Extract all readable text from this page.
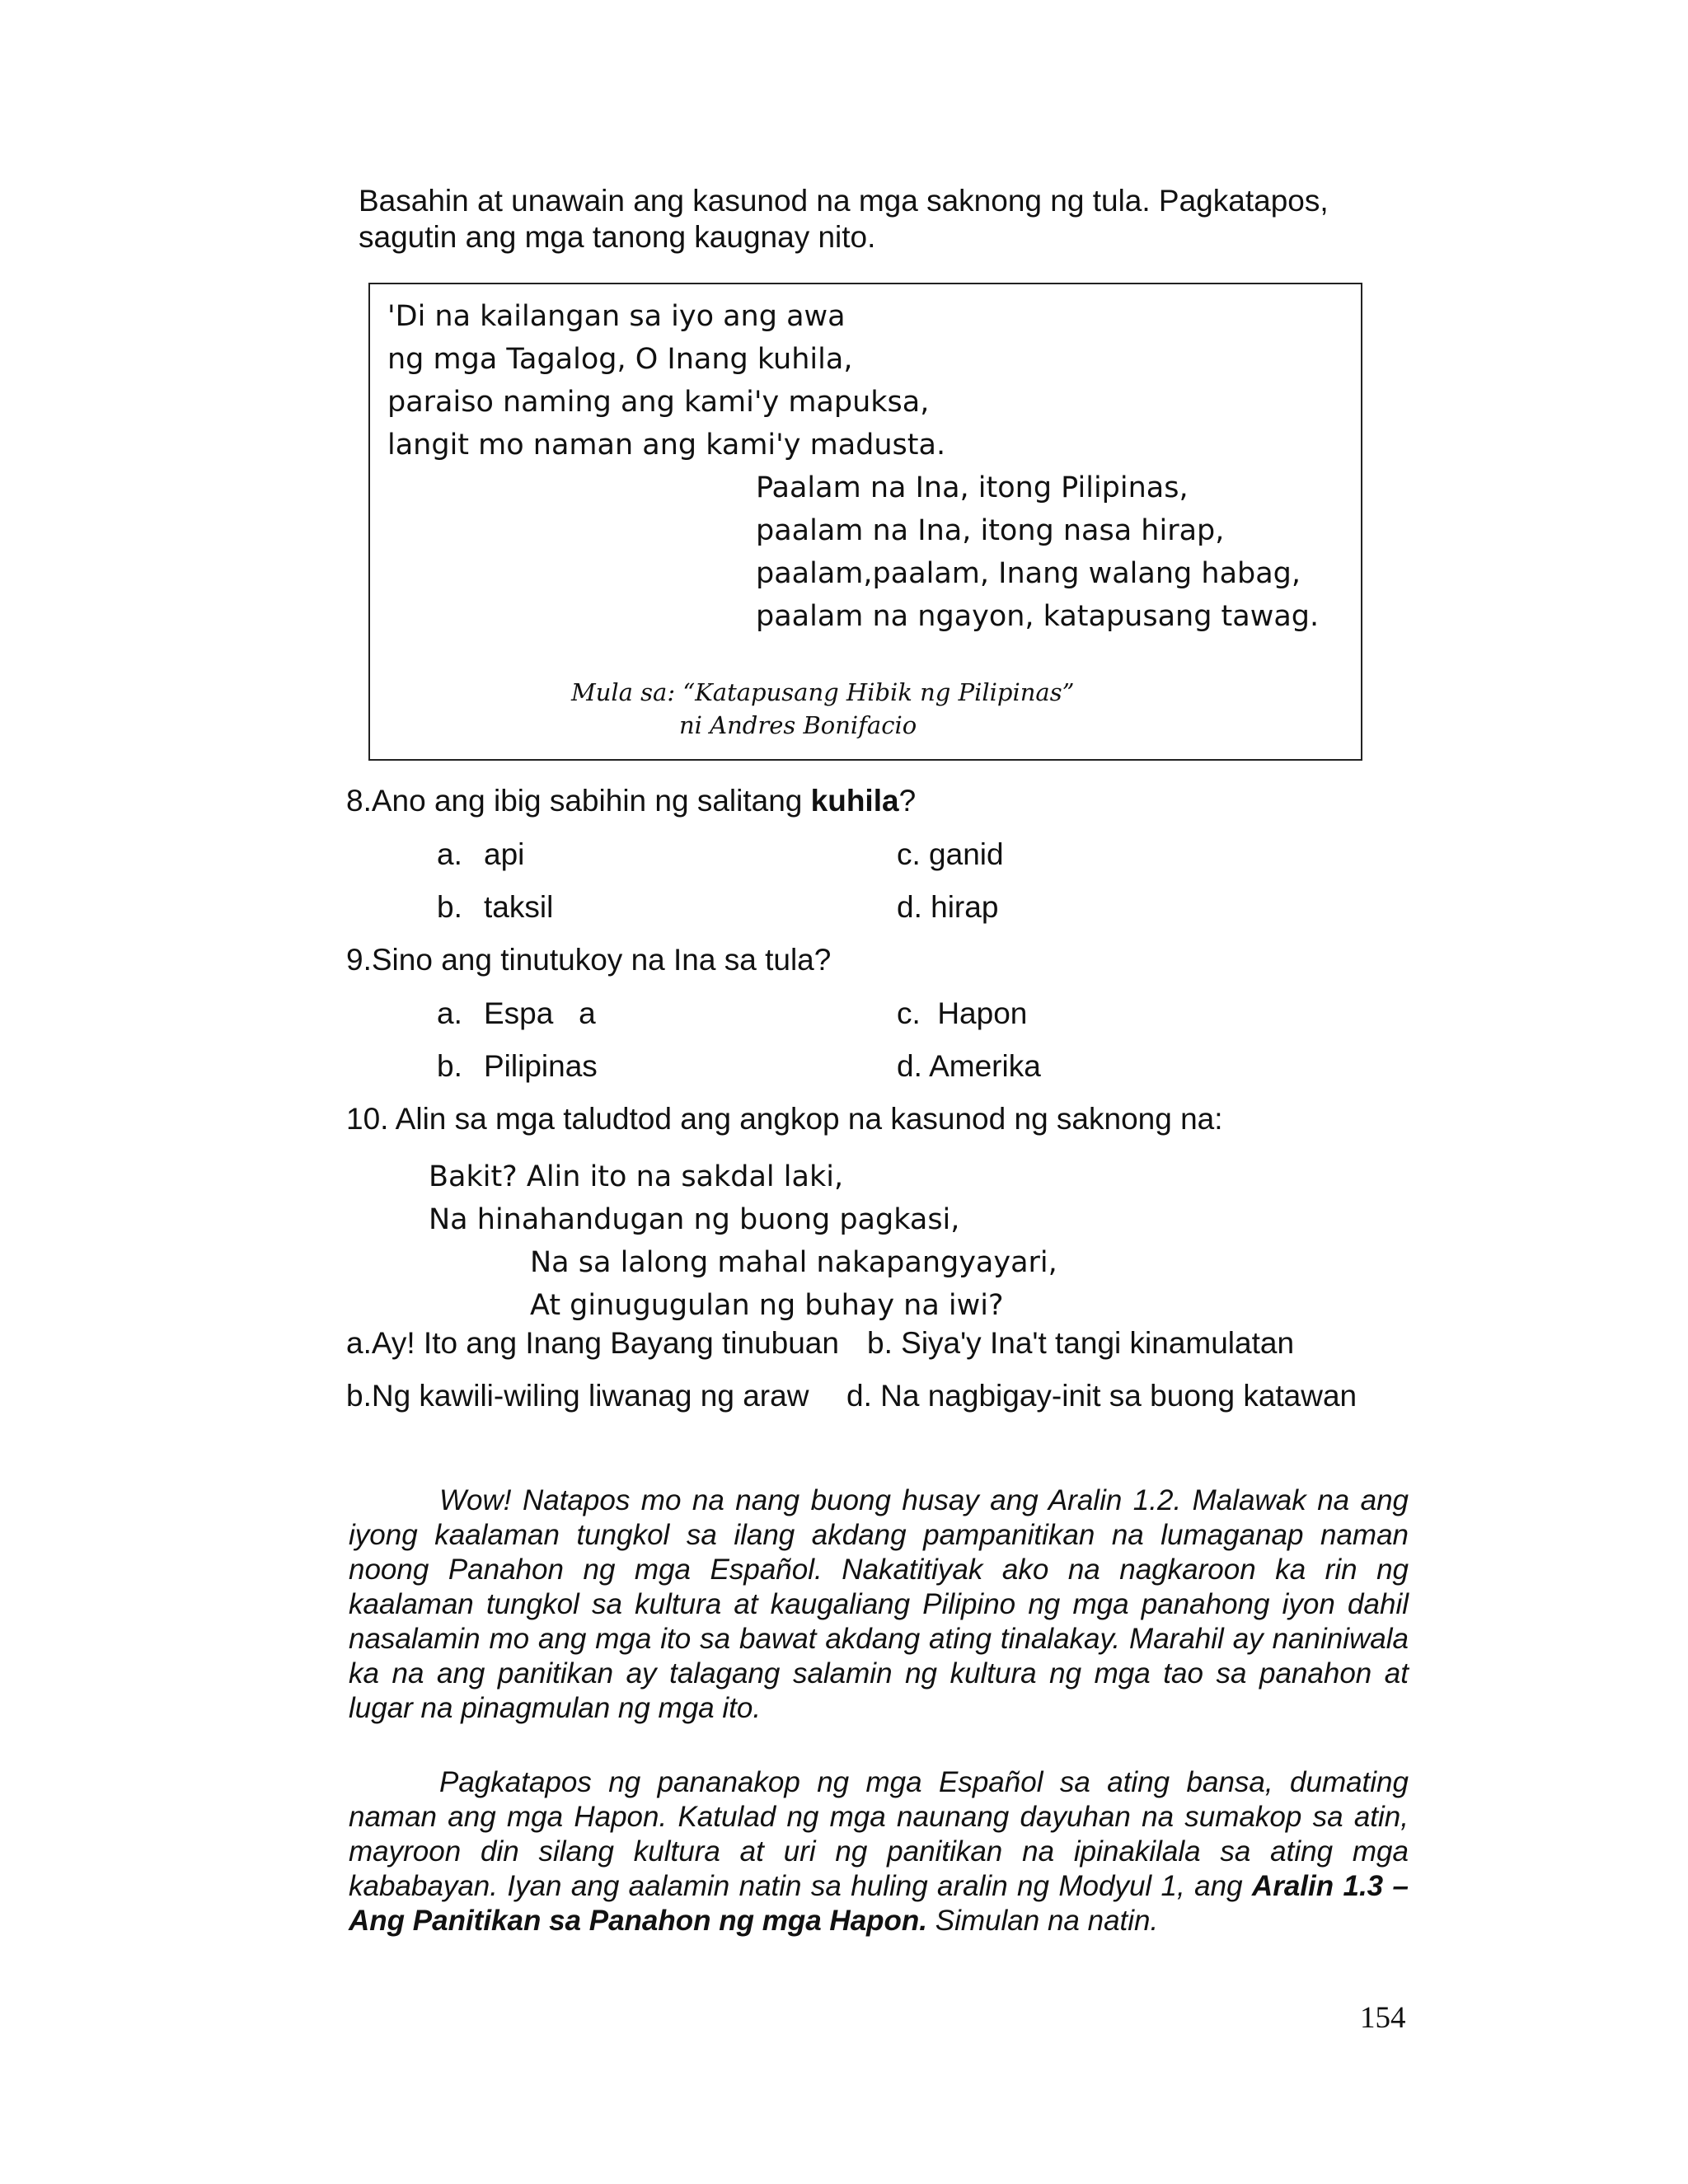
Basahin at unawain ang kasunod na mga saknong ng tula. Pagkatapos,
sagutin ang mga tanong kaugnay nito.
'Di na kailangan sa iyo ang awa
ng mga Tagalog, O Inang kuhila,
paraiso naming ang kami'y mapuksa,
langit mo naman ang kami'y madusta.
Paalam na Ina, itong Pilipinas,
paalam na Ina, itong nasa hirap,
paalam,paalam, Inang walang habag,
paalam na ngayon, katapusang tawag.
Mula sa: “Katapusang Hibik ng Pilipinas”
ni Andres Bonifacio
8.Ano ang ibig sabihin ng salitang kuhila?
a. api	c. ganid
b. taksil	d. hirap
9.Sino ang tinutukoy na Ina sa tula?
a. Espa   a	c.  Hapon
b. Pilipinas	d. Amerika
10. Alin sa mga taludtod ang angkop na kasunod ng saknong na:
Bakit? Alin ito na sakdal laki,
Na hinahandugan ng buong pagkasi,
Na sa lalong mahal nakapangyayari,
At ginugugulan ng buhay na iwi?
a.Ay! Ito ang Inang Bayang tinubuan b. Siya'y Ina't tangi kinamulatan
b.Ng kawili-wiling liwanag ng araw d. Na nagbigay-init sa buong katawan
Wow! Natapos mo na nang buong husay ang Aralin 1.2. Malawak na ang iyong kaalaman tungkol sa ilang akdang pampanitikan na lumaganap naman noong Panahon ng mga Español. Nakatitiyak ako na nagkaroon ka rin ng kaalaman tungkol sa kultura at kaugaliang Pilipino ng mga panahong iyon dahil nasalamin mo ang mga ito sa bawat akdang ating tinalakay. Marahil ay naniniwala ka na ang panitikan ay talagang salamin ng kultura ng mga tao sa panahon at lugar na pinagmulan ng mga ito.
Pagkatapos ng pananakop ng mga Español sa ating bansa, dumating naman ang mga Hapon. Katulad ng mga naunang dayuhan na sumakop sa atin, mayroon din silang kultura at uri ng panitikan na ipinakilala sa ating mga kababayan. Iyan ang aalamin natin sa huling aralin ng Modyul 1, ang Aralin 1.3 – Ang Panitikan sa Panahon ng mga Hapon. Simulan na natin.
154
